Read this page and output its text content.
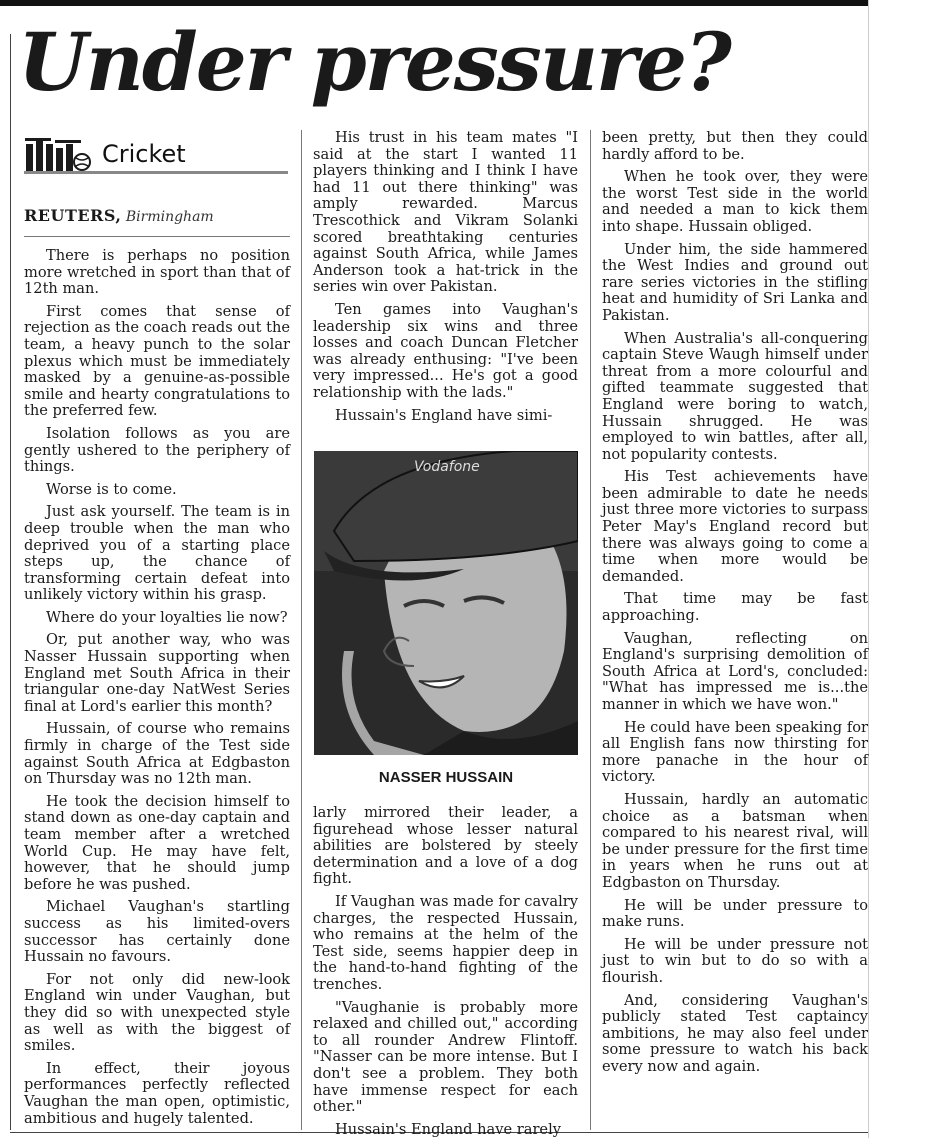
Under pressure?
Cricket
REUTERS, Birmingham

There is perhaps no position more wretched in sport than that of 12th man.

First comes that sense of rejection as the coach reads out the team, a heavy punch to the solar plexus which must be immediately masked by a genuine-as-possible smile and hearty congratulations to the preferred few.

Isolation follows as you are gently ushered to the periphery of things.

Worse is to come.

Just ask yourself. The team is in deep trouble when the man who deprived you of a starting place steps up, the chance of transforming certain defeat into unlikely victory within his grasp.

Where do your loyalties lie now?

Or, put another way, who was Nasser Hussain supporting when England met South Africa in their triangular one-day NatWest Series final at Lord's earlier this month?

Hussain, of course who remains firmly in charge of the Test side against South Africa at Edgbaston on Thursday was no 12th man.

He took the decision himself to stand down as one-day captain and team member after a wretched World Cup. He may have felt, however, that he should jump before he was pushed.

Michael Vaughan's startling success as his limited-overs successor has certainly done Hussain no favours.

For not only did new-look England win under Vaughan, but they did so with unexpected style as well as with the biggest of smiles.

In effect, their joyous performances perfectly reflected Vaughan the man open, optimistic, ambitious and hugely talented.

His trust in his team mates "I said at the start I wanted 11 players thinking and I think I have had 11 out there thinking" was amply rewarded. Marcus Trescothick and Vikram Solanki scored breathtaking centuries against South Africa, while James Anderson took a hat-trick in the series win over Pakistan.

Ten games into Vaughan's leadership six wins and three losses and coach Duncan Fletcher was already enthusing: "I've been very impressed... He's got a good relationship with the lads."

Hussain's England have simi-

Vodafone
NASSER HUSSAIN

larly mirrored their leader, a figurehead whose lesser natural abilities are bolstered by steely determination and a love of a dog fight.

If Vaughan was made for cavalry charges, the respected Hussain, who remains at the helm of the Test side, seems happier deep in the hand-to-hand fighting of the trenches.

"Vaughanie is probably more relaxed and chilled out," according to all rounder Andrew Flintoff. "Nasser can be more intense. But I don't see a problem. They both have immense respect for each other."

Hussain's England have rarely

been pretty, but then they could hardly afford to be.

When he took over, they were the worst Test side in the world and needed a man to kick them into shape. Hussain obliged.

Under him, the side hammered the West Indies and ground out rare series victories in the stifling heat and humidity of Sri Lanka and Pakistan.

When Australia's all-conquering captain Steve Waugh himself under threat from a more colourful and gifted teammate suggested that England were boring to watch, Hussain shrugged. He was employed to win battles, after all, not popularity contests.

His Test achievements have been admirable to date he needs just three more victories to surpass Peter May's England record but there was always going to come a time when more would be demanded.

That time may be fast approaching.

Vaughan, reflecting on England's surprising demolition of South Africa at Lord's, concluded: "What has impressed me is...the manner in which we have won."

He could have been speaking for all English fans now thirsting for more panache in the hour of victory.

Hussain, hardly an automatic choice as a batsman when compared to his nearest rival, will be under pressure for the first time in years when he runs out at Edgbaston on Thursday.

He will be under pressure to make runs.

He will be under pressure not just to win but to do so with a flourish.

And, considering Vaughan's publicly stated Test captaincy ambitions, he may also feel under some pressure to watch his back every now and again.
